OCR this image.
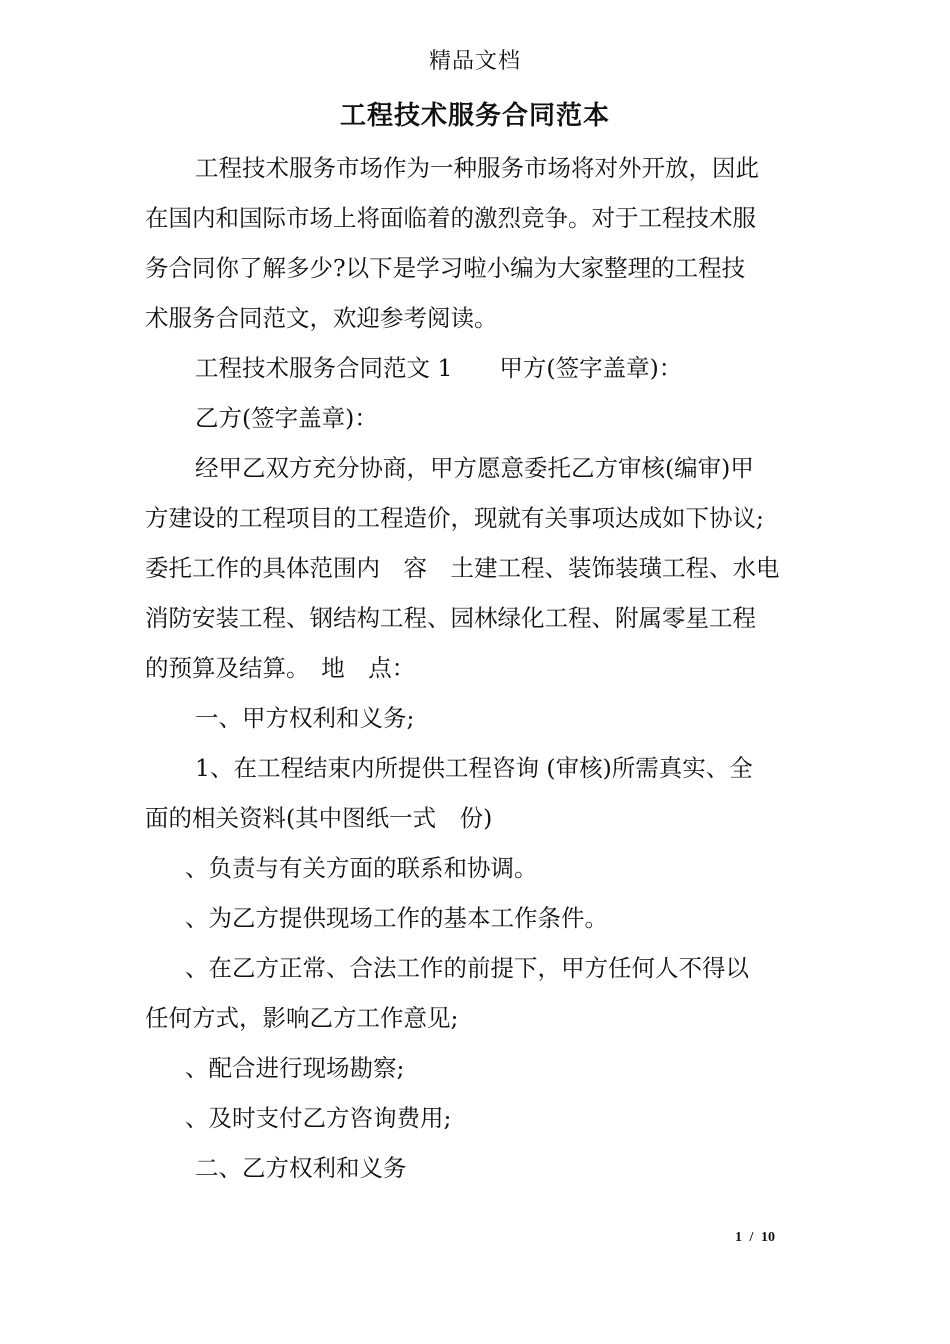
精品文档
工程技术服务合同范本
工程技术服务市场作为一种服务市场将对外开放，因此
在国内和国际市场上将面临着的激烈竞争。对于工程技术服
务合同你了解多少?以下是学习啦小编为大家整理的工程技
术服务合同范文，欢迎参考阅读。
工程技术服务合同范文 1　　甲方(签字盖章)：
乙方(签字盖章)：
经甲乙双方充分协商，甲方愿意委托乙方审核(编审)甲
方建设的工程项目的工程造价，现就有关事项达成如下协议;
委托工作的具体范围内　容　土建工程、装饰装璜工程、水电
消防安装工程、钢结构工程、园林绿化工程、附属零星工程
的预算及结算。　地　点：
一、甲方权利和义务;
1、在工程结束内所提供工程咨询 (审核)所需真实、全
面的相关资料(其中图纸一式　份)
、负责与有关方面的联系和协调。
、为乙方提供现场工作的基本工作条件。
、在乙方正常、合法工作的前提下，甲方任何人不得以
任何方式，影响乙方工作意见;
、配合进行现场勘察;
、及时支付乙方咨询费用;
二、乙方权利和义务
1 / 10
